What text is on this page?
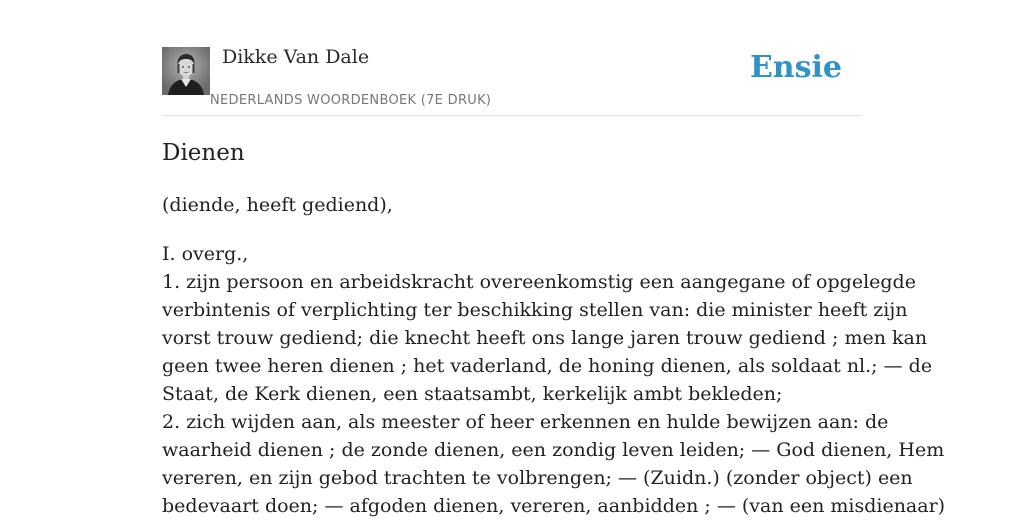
Dikke Van Dale
NEDERLANDS WOORDENBOEK (7E DRUK)
Ensie
Dienen
(diende, heeft gediend),
I. overg.,
1. zijn persoon en arbeidskracht overeenkomstig een aangegane of opgelegde
verbintenis of verplichting ter beschikking stellen van: die minister heeft zijn
vorst trouw gediend; die knecht heeft ons lange jaren trouw gediend ; men kan
geen twee heren dienen ; het vaderland, de honing dienen, als soldaat nl.; — de
Staat, de Kerk dienen, een staatsambt, kerkelijk ambt bekleden;
2. zich wijden aan, als meester of heer erkennen en hulde bewijzen aan: de
waarheid dienen ; de zonde dienen, een zondig leven leiden; — God dienen, Hem
vereren, en zijn gebod trachten te volbrengen; — (Zuidn.) (zonder object) een
bedevaart doen; — afgoden dienen, vereren, aanbidden ; — (van een misdienaar)
